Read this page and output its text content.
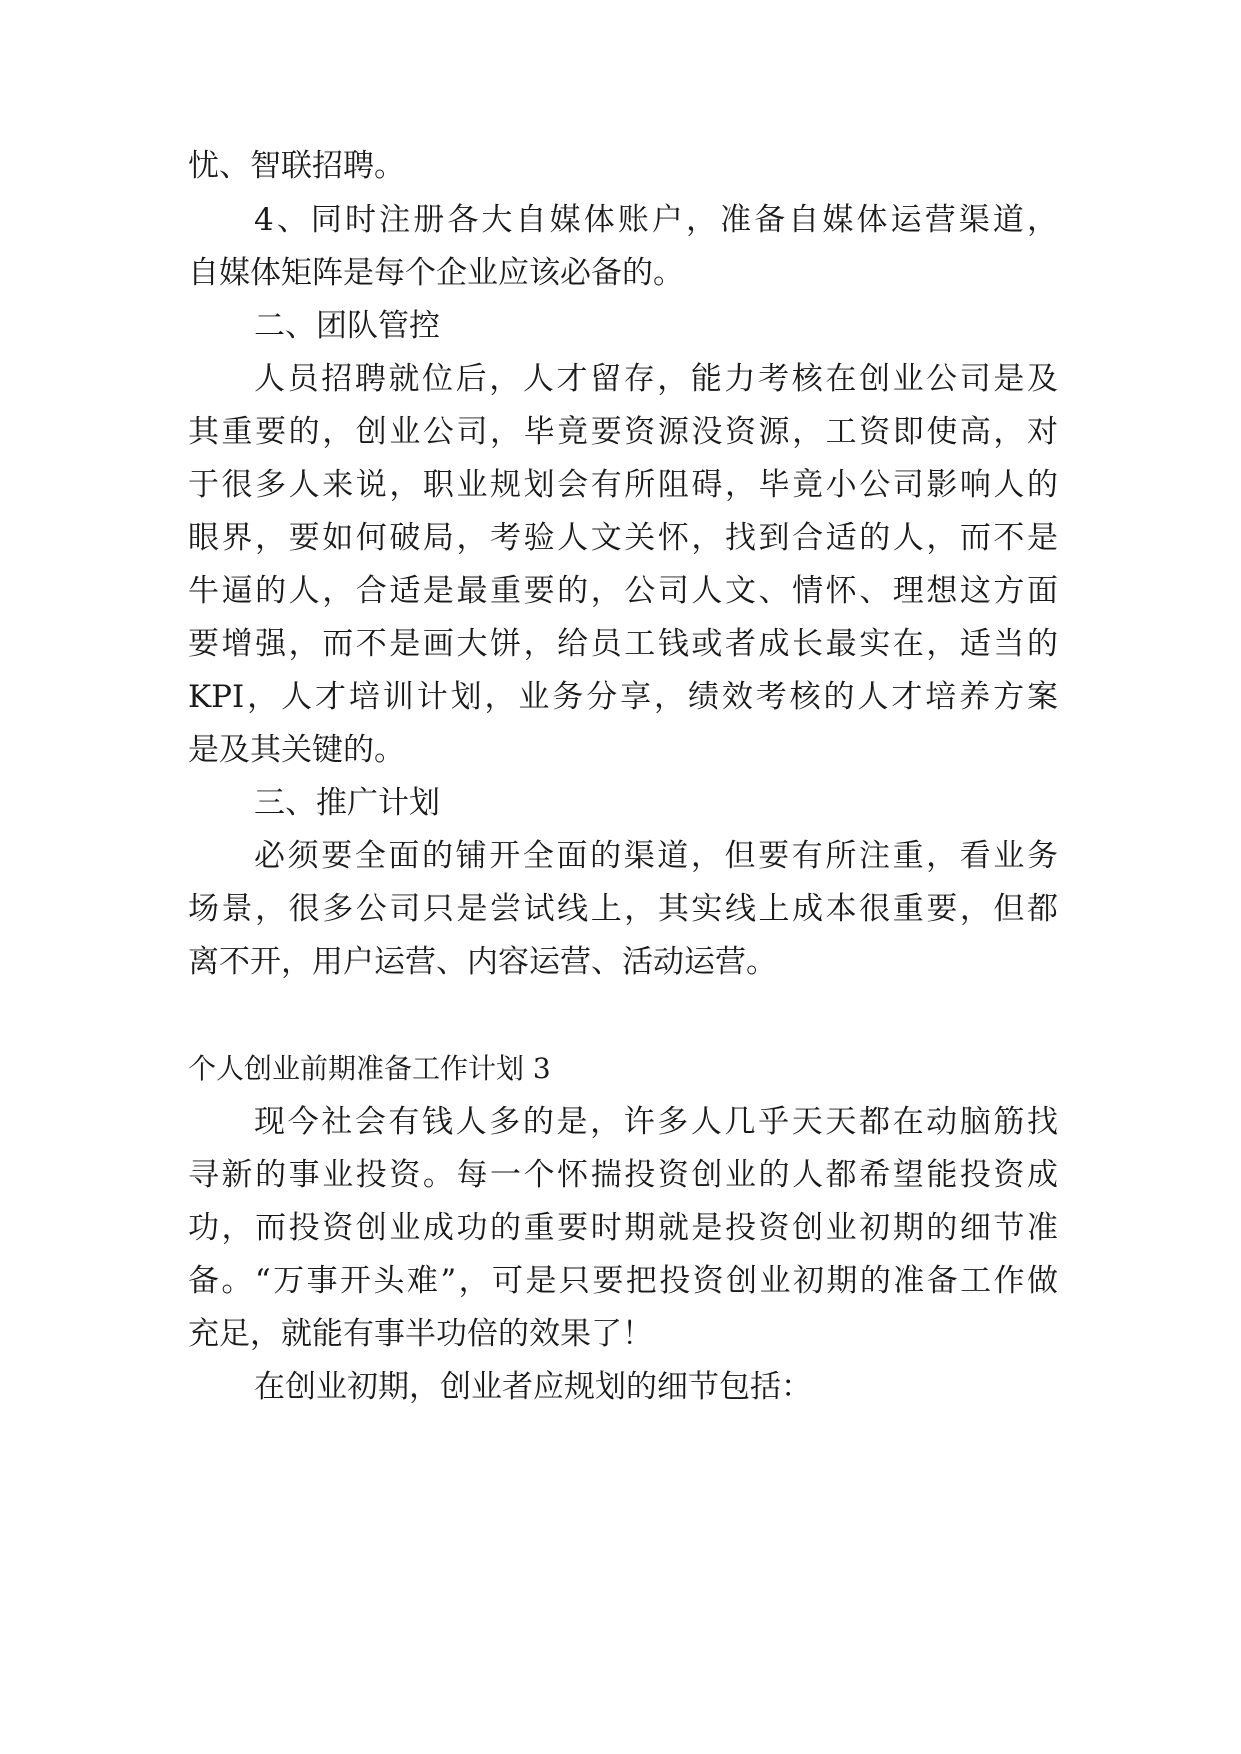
忧、智联招聘。
4、同时注册各大自媒体账户，准备自媒体运营渠道，
自媒体矩阵是每个企业应该必备的。
二、团队管控
人员招聘就位后，人才留存，能力考核在创业公司是及
其重要的，创业公司，毕竟要资源没资源，工资即使高，对
于很多人来说，职业规划会有所阻碍，毕竟小公司影响人的
眼界，要如何破局，考验人文关怀，找到合适的人，而不是
牛逼的人，合适是最重要的，公司人文、情怀、理想这方面
要增强，而不是画大饼，给员工钱或者成长最实在，适当的
KPI，人才培训计划，业务分享，绩效考核的人才培养方案
是及其关键的。
三、推广计划
必须要全面的铺开全面的渠道，但要有所注重，看业务
场景，很多公司只是尝试线上，其实线上成本很重要，但都
离不开，用户运营、内容运营、活动运营。
个人创业前期准备工作计划 3
现今社会有钱人多的是，许多人几乎天天都在动脑筋找
寻新的事业投资。每一个怀揣投资创业的人都希望能投资成
功，而投资创业成功的重要时期就是投资创业初期的细节准
备。“万事开头难”，可是只要把投资创业初期的准备工作做
充足，就能有事半功倍的效果了！
在创业初期，创业者应规划的细节包括：
